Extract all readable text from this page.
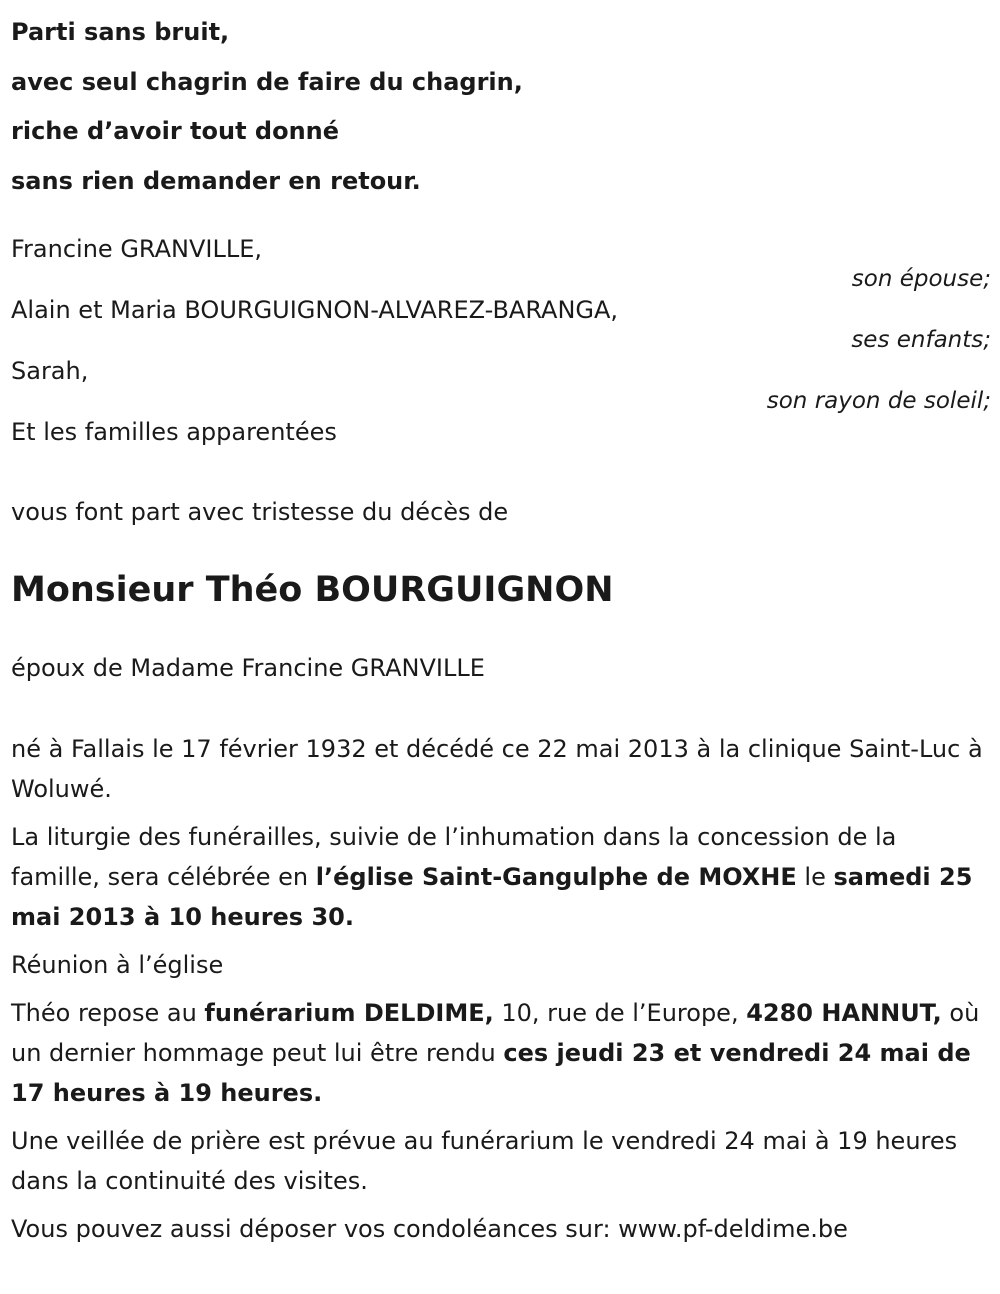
Parti sans bruit,
avec seul chagrin de faire du chagrin,
riche d’avoir tout donné
sans rien demander en retour.
Francine GRANVILLE,
son épouse;
Alain et Maria BOURGUIGNON-ALVAREZ-BARANGA,
ses enfants;
Sarah,
son rayon de soleil;
Et les familles apparentées
vous font part avec tristesse du décès de
Monsieur Théo BOURGUIGNON
époux de Madame Francine GRANVILLE
né à Fallais le 17 février 1932 et décédé ce 22 mai 2013 à la clinique Saint-Luc à Woluwé.
La liturgie des funérailles, suivie de l’inhumation dans la concession de la famille, sera célébrée en l’église Saint-Gangulphe de MOXHE le samedi 25 mai 2013 à 10 heures 30.
Réunion à l’église
Théo repose au funérarium DELDIME, 10, rue de l’Europe, 4280 HANNUT, où un dernier hommage peut lui être rendu ces jeudi 23 et vendredi 24 mai de 17 heures à 19 heures.
Une veillée de prière est prévue au funérarium le vendredi 24 mai à 19 heures dans la continuité des visites.
Vous pouvez aussi déposer vos condoléances sur: www.pf-deldime.be
